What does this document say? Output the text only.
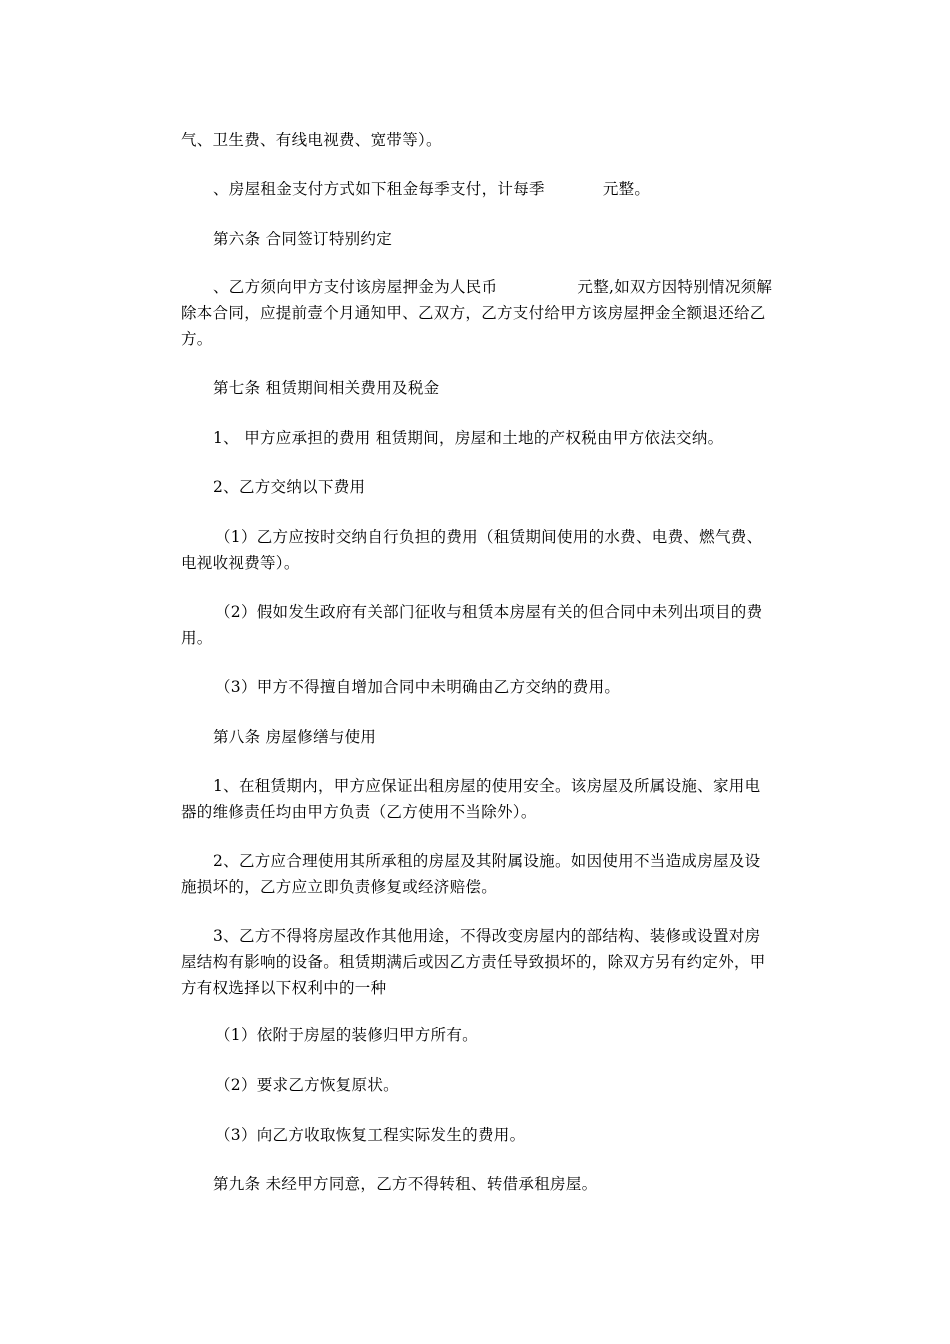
气、卫生费、有线电视费、宽带等）。

、房屋租金支付方式如下租金每季支付，计每季	元整。

第六条 合同签订特别约定

、乙方须向甲方支付该房屋押金为人民币	元整,如双方因特别情况须解除本合同，应提前壹个月通知甲、乙双方，乙方支付给甲方该房屋押金全额退还给乙方。

第七条 租赁期间相关费用及税金

1、 甲方应承担的费用 租赁期间，房屋和土地的产权税由甲方依法交纳。

2、乙方交纳以下费用

（1）乙方应按时交纳自行负担的费用（租赁期间使用的水费、电费、燃气费、电视收视费等）。

（2）假如发生政府有关部门征收与租赁本房屋有关的但合同中未列出项目的费用。

（3）甲方不得擅自增加合同中未明确由乙方交纳的费用。

第八条 房屋修缮与使用

1、在租赁期内，甲方应保证出租房屋的使用安全。该房屋及所属设施、家用电器的维修责任均由甲方负责（乙方使用不当除外）。

2、乙方应合理使用其所承租的房屋及其附属设施。如因使用不当造成房屋及设施损坏的，乙方应立即负责修复或经济赔偿。

3、乙方不得将房屋改作其他用途，不得改变房屋内的部结构、装修或设置对房屋结构有影响的设备。租赁期满后或因乙方责任导致损坏的，除双方另有约定外，甲方有权选择以下权利中的一种

（1）依附于房屋的装修归甲方所有。

（2）要求乙方恢复原状。

（3）向乙方收取恢复工程实际发生的费用。

第九条 未经甲方同意，乙方不得转租、转借承租房屋。
